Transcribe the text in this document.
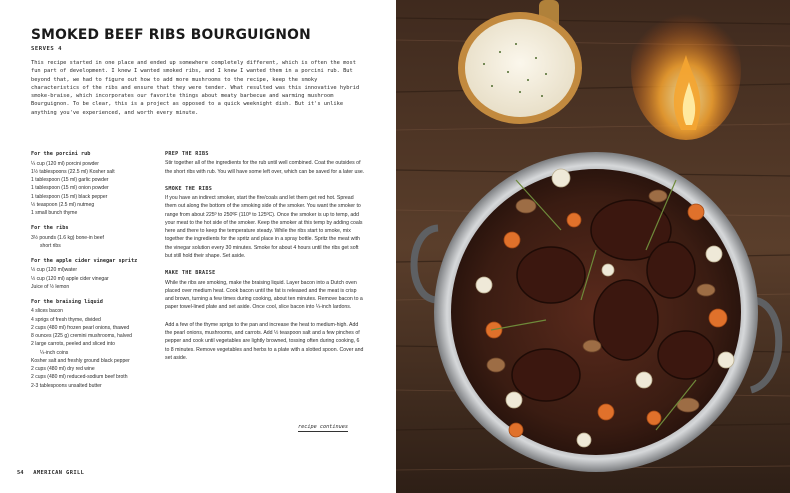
SMOKED BEEF RIBS BOURGUIGNON
SERVES 4

This recipe started in one place and ended up somewhere completely different, which is often the most fun part of development. I knew I wanted smoked ribs, and I knew I wanted them in a porcini rub. But beyond that, we had to figure out how to add more mushrooms to the recipe, keep the smoky characteristics of the ribs and ensure that they were tender. What resulted was this innovative hybrid smoke-braise, which incorporates our favorite things about meaty barbecue and warming mushroom Bourguignon. To be clear, this is a project as opposed to a quick weeknight dish. But it's unlike anything you've experienced, and worth every minute.

For the porcini rub
¼ cup (120 ml) porcini powder
1½ tablespoons (22.5 ml) Kosher salt
1 tablespoon (15 ml) garlic powder
1 tablespoon (15 ml) onion powder
1 tablespoon (15 ml) black pepper
½ teaspoon (2.5 ml) nutmeg
1 small bunch thyme
For the ribs
3½ pounds (1.6 kg) bone-in beef
short ribs
For the apple cider vinegar spritz
½ cup (120 ml)water
½ cup (120 ml) apple cider vinegar
Juice of ½ lemon
For the braising liquid
4 slices bacon
4 sprigs of fresh thyme, divided
2 cups (480 ml) frozen pearl onions, thawed
8 ounces (225 g) cremini mushrooms, halved
2 large carrots, peeled and sliced into
¼-inch coins
Kosher salt and freshly ground black pepper
2 cups (480 ml) dry red wine
2 cups (480 ml) reduced-sodium beef broth
2-3 tablespoons unsalted butter
PREP THE RIBS

Stir together all of the ingredients for the rub until well combined. Coat the outsides of the short ribs with rub. You will have some left over, which can be saved for a later use.

SMOKE THE RIBS

If you have an indirect smoker, start the fire/coals and let them get red hot. Spread them out along the bottom of the smoking side of the smoker. You want the smoker to range from about 225º to 250ºF (110º to 125ºC). Once the smoker is up to temp, add your meat to the hot side of the smoker. Keep the smoker at this temp by adding coals here and there to keep the temperature steady. While the ribs start to smoke, mix together the ingredients for the spritz and place in a spray bottle. Spritz the meat with the vinegar solution every 30 minutes. Smoke for about 4 hours until the ribs get soft but still hold their shape. Set aside.

MAKE THE BRAISE

While the ribs are smoking, make the braising liquid. Layer bacon into a Dutch oven placed over medium heat. Cook bacon until the fat is released and the meat is crisp and brown, turning a few times during cooking, about ten minutes. Remove bacon to a paper towel-lined plate and set aside. Once cool, slice bacon into ¼-inch lardons.

Add a few of the thyme sprigs to the pan and increase the heat to medium-high. Add the pearl onions, mushrooms, and carrots. Add ½ teaspoon salt and a few pinches of pepper and cook until vegetables are lightly browned, tossing often during cooking, 6 to 8 minutes. Remove vegetables and herbs to a plate with a slotted spoon. Cover and set aside.

recipe continues
54 AMERICAN GRILL
